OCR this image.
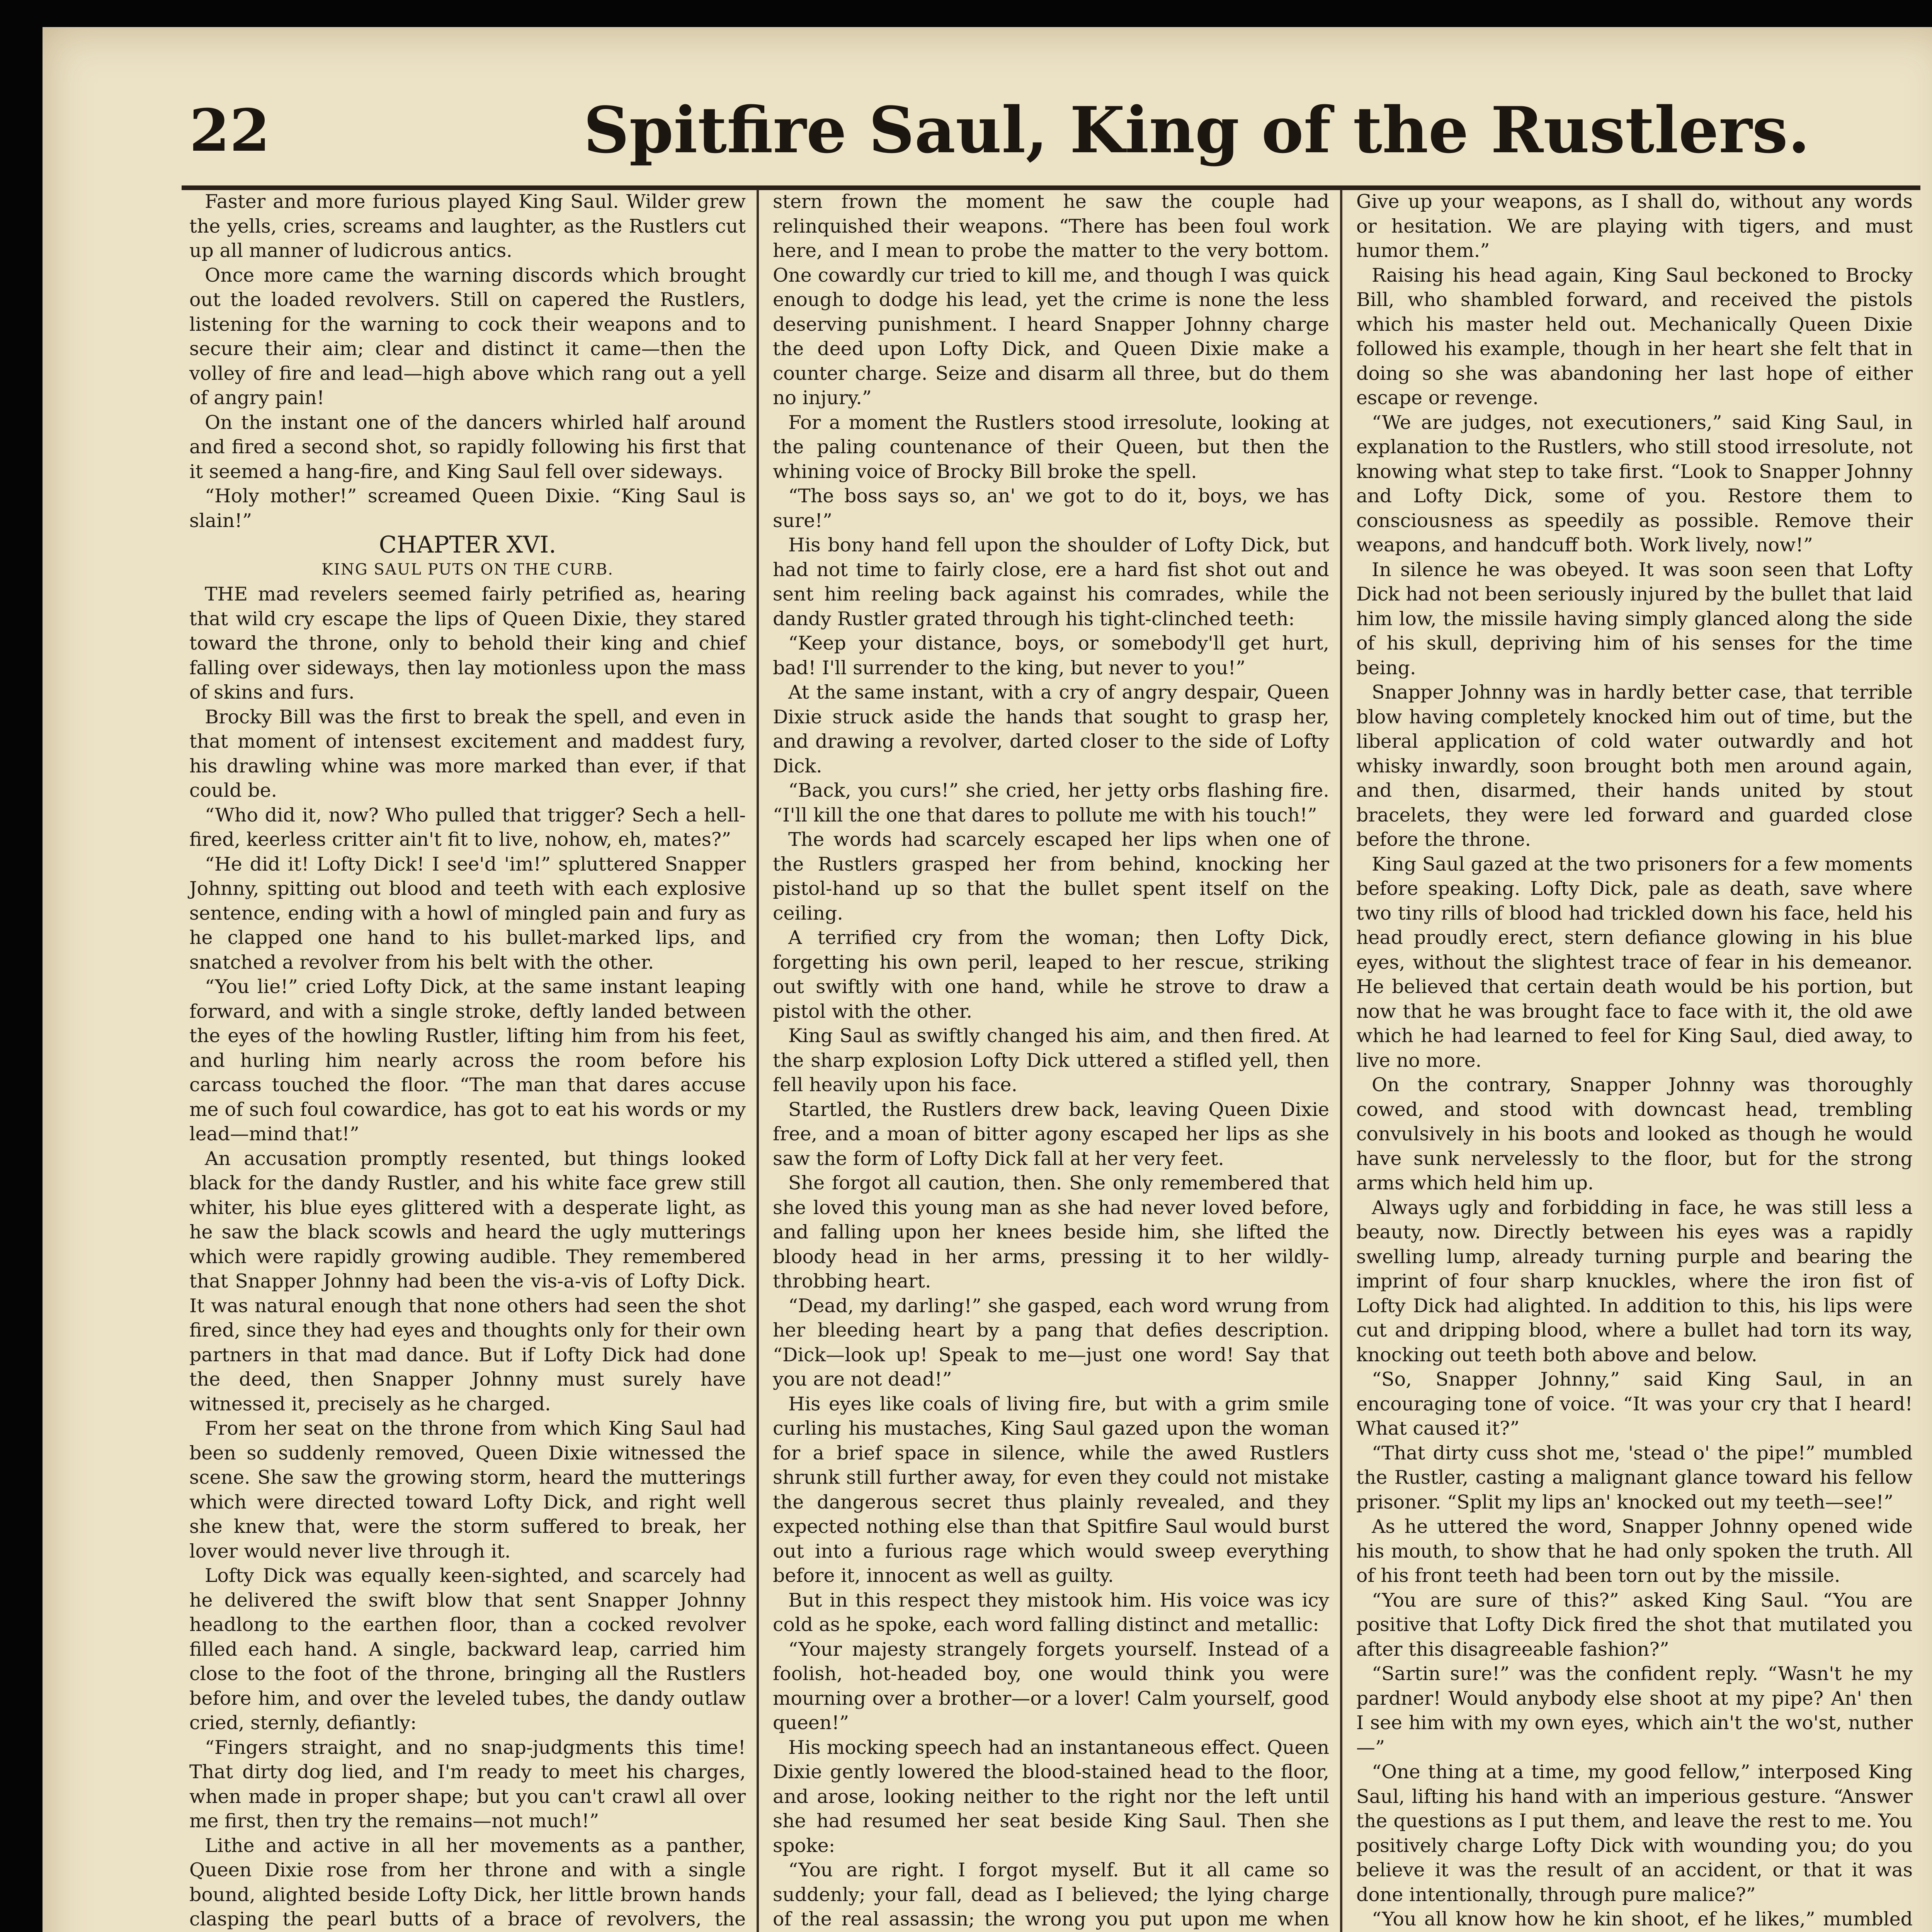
22	Spitfire Saul, King of the Rustlers.

Faster and more furious played King Saul. Wilder grew the yells, cries, screams and laughter, as the Rustlers cut up all manner of ludicrous antics.

Once more came the warning discords which brought out the loaded revolvers. Still on capered the Rustlers, listening for the warning to cock their weapons and to secure their aim; clear and distinct it came—then the volley of fire and lead—high above which rang out a yell of angry pain!

On the instant one of the dancers whirled half around and fired a second shot, so rapidly following his first that it seemed a hang-fire, and King Saul fell over sideways.

“Holy mother!” screamed Queen Dixie. “King Saul is slain!”

CHAPTER XVI.

KING SAUL PUTS ON THE CURB.

THE mad revelers seemed fairly petrified as, hearing that wild cry escape the lips of Queen Dixie, they stared toward the throne, only to behold their king and chief falling over sideways, then lay motionless upon the mass of skins and furs.

Brocky Bill was the first to break the spell, and even in that moment of intensest excitement and maddest fury, his drawling whine was more marked than ever, if that could be.

“Who did it, now? Who pulled that trigger? Sech a hell-fired, keerless critter ain't fit to live, nohow, eh, mates?”

“He did it! Lofty Dick! I see'd 'im!” spluttered Snapper Johnny, spitting out blood and teeth with each explosive sentence, ending with a howl of mingled pain and fury as he clapped one hand to his bullet-marked lips, and snatched a revolver from his belt with the other.

“You lie!” cried Lofty Dick, at the same instant leaping forward, and with a single stroke, deftly landed between the eyes of the howling Rustler, lifting him from his feet, and hurling him nearly across the room before his carcass touched the floor. “The man that dares accuse me of such foul cowardice, has got to eat his words or my lead—mind that!”

An accusation promptly resented, but things looked black for the dandy Rustler, and his white face grew still whiter, his blue eyes glittered with a desperate light, as he saw the black scowls and heard the ugly mutterings which were rapidly growing audible. They remembered that Snapper Johnny had been the vis-a-vis of Lofty Dick. It was natural enough that none others had seen the shot fired, since they had eyes and thoughts only for their own partners in that mad dance. But if Lofty Dick had done the deed, then Snapper Johnny must surely have witnessed it, precisely as he charged.

From her seat on the throne from which King Saul had been so suddenly removed, Queen Dixie witnessed the scene. She saw the growing storm, heard the mutterings which were directed toward Lofty Dick, and right well she knew that, were the storm suffered to break, her lover would never live through it.

Lofty Dick was equally keen-sighted, and scarcely had he delivered the swift blow that sent Snapper Johnny headlong to the earthen floor, than a cocked revolver filled each hand. A single, backward leap, carried him close to the foot of the throne, bringing all the Rustlers before him, and over the leveled tubes, the dandy outlaw cried, sternly, defiantly:

“Fingers straight, and no snap-judgments this time! That dirty dog lied, and I'm ready to meet his charges, when made in proper shape; but you can't crawl all over me first, then try the remains—not much!”

Lithe and active in all her movements as a panther, Queen Dixie rose from her throne and with a single bound, alighted beside Lofty Dick, her little brown hands clasping the pearl butts of a brace of revolvers, the

stern frown the moment he saw the couple had relinquished their weapons. “There has been foul work here, and I mean to probe the matter to the very bottom. One cowardly cur tried to kill me, and though I was quick enough to dodge his lead, yet the crime is none the less deserving punishment. I heard Snapper Johnny charge the deed upon Lofty Dick, and Queen Dixie make a counter charge. Seize and disarm all three, but do them no injury.”

For a moment the Rustlers stood irresolute, looking at the paling countenance of their Queen, but then the whining voice of Brocky Bill broke the spell.

“The boss says so, an' we got to do it, boys, we has sure!”

His bony hand fell upon the shoulder of Lofty Dick, but had not time to fairly close, ere a hard fist shot out and sent him reeling back against his comrades, while the dandy Rustler grated through his tight-clinched teeth:

“Keep your distance, boys, or somebody'll get hurt, bad! I'll surrender to the king, but never to you!”

At the same instant, with a cry of angry despair, Queen Dixie struck aside the hands that sought to grasp her, and drawing a revolver, darted closer to the side of Lofty Dick.

“Back, you curs!” she cried, her jetty orbs flashing fire. “I'll kill the one that dares to pollute me with his touch!”

The words had scarcely escaped her lips when one of the Rustlers grasped her from behind, knocking her pistol-hand up so that the bullet spent itself on the ceiling.

A terrified cry from the woman; then Lofty Dick, forgetting his own peril, leaped to her rescue, striking out swiftly with one hand, while he strove to draw a pistol with the other.

King Saul as swiftly changed his aim, and then fired. At the sharp explosion Lofty Dick uttered a stifled yell, then fell heavily upon his face.

Startled, the Rustlers drew back, leaving Queen Dixie free, and a moan of bitter agony escaped her lips as she saw the form of Lofty Dick fall at her very feet.

She forgot all caution, then. She only remembered that she loved this young man as she had never loved before, and falling upon her knees beside him, she lifted the bloody head in her arms, pressing it to her wildly-throbbing heart.

“Dead, my darling!” she gasped, each word wrung from her bleeding heart by a pang that defies description. “Dick—look up! Speak to me—just one word! Say that you are not dead!”

His eyes like coals of living fire, but with a grim smile curling his mustaches, King Saul gazed upon the woman for a brief space in silence, while the awed Rustlers shrunk still further away, for even they could not mistake the dangerous secret thus plainly revealed, and they expected nothing else than that Spitfire Saul would burst out into a furious rage which would sweep everything before it, innocent as well as guilty.

But in this respect they mistook him. His voice was icy cold as he spoke, each word falling distinct and metallic:

“Your majesty strangely forgets yourself. Instead of a foolish, hot-headed boy, one would think you were mourning over a brother—or a lover! Calm yourself, good queen!”

His mocking speech had an instantaneous effect. Queen Dixie gently lowered the blood-stained head to the floor, and arose, looking neither to the right nor the left until she had resumed her seat beside King Saul. Then she spoke:

“You are right. I forgot myself. But it all came so suddenly; your fall, dead as I believed; the lying charge of the real assassin; the wrong you put upon me when

Give up your weapons, as I shall do, without any words or hesitation. We are playing with tigers, and must humor them.”

Raising his head again, King Saul beckoned to Brocky Bill, who shambled forward, and received the pistols which his master held out. Mechanically Queen Dixie followed his example, though in her heart she felt that in doing so she was abandoning her last hope of either escape or revenge.

“We are judges, not executioners,” said King Saul, in explanation to the Rustlers, who still stood irresolute, not knowing what step to take first. “Look to Snapper Johnny and Lofty Dick, some of you. Restore them to consciousness as speedily as possible. Remove their weapons, and handcuff both. Work lively, now!”

In silence he was obeyed. It was soon seen that Lofty Dick had not been seriously injured by the bullet that laid him low, the missile having simply glanced along the side of his skull, depriving him of his senses for the time being.

Snapper Johnny was in hardly better case, that terrible blow having completely knocked him out of time, but the liberal application of cold water outwardly and hot whisky inwardly, soon brought both men around again, and then, disarmed, their hands united by stout bracelets, they were led forward and guarded close before the throne.

King Saul gazed at the two prisoners for a few moments before speaking. Lofty Dick, pale as death, save where two tiny rills of blood had trickled down his face, held his head proudly erect, stern defiance glowing in his blue eyes, without the slightest trace of fear in his demeanor. He believed that certain death would be his portion, but now that he was brought face to face with it, the old awe which he had learned to feel for King Saul, died away, to live no more.

On the contrary, Snapper Johnny was thoroughly cowed, and stood with downcast head, trembling convulsively in his boots and looked as though he would have sunk nervelessly to the floor, but for the strong arms which held him up.

Always ugly and forbidding in face, he was still less a beauty, now. Directly between his eyes was a rapidly swelling lump, already turning purple and bearing the imprint of four sharp knuckles, where the iron fist of Lofty Dick had alighted. In addition to this, his lips were cut and dripping blood, where a bullet had torn its way, knocking out teeth both above and below.

“So, Snapper Johnny,” said King Saul, in an encouraging tone of voice. “It was your cry that I heard! What caused it?”

“That dirty cuss shot me, 'stead o' the pipe!” mumbled the Rustler, casting a malignant glance toward his fellow prisoner. “Split my lips an' knocked out my teeth—see!”

As he uttered the word, Snapper Johnny opened wide his mouth, to show that he had only spoken the truth. All of his front teeth had been torn out by the missile.

“You are sure of this?” asked King Saul. “You are positive that Lofty Dick fired the shot that mutilated you after this disagreeable fashion?”

“Sartin sure!” was the confident reply. “Wasn't he my pardner! Would anybody else shoot at my pipe? An' then I see him with my own eyes, which ain't the wo'st, nuther—”

“One thing at a time, my good fellow,” interposed King Saul, lifting his hand with an imperious gesture. “Answer the questions as I put them, and leave the rest to me. You positively charge Lofty Dick with wounding you; do you believe it was the result of an accident, or that it was done intentionally, through pure malice?”

“You all know how he kin shoot, ef he likes,” mumbled
